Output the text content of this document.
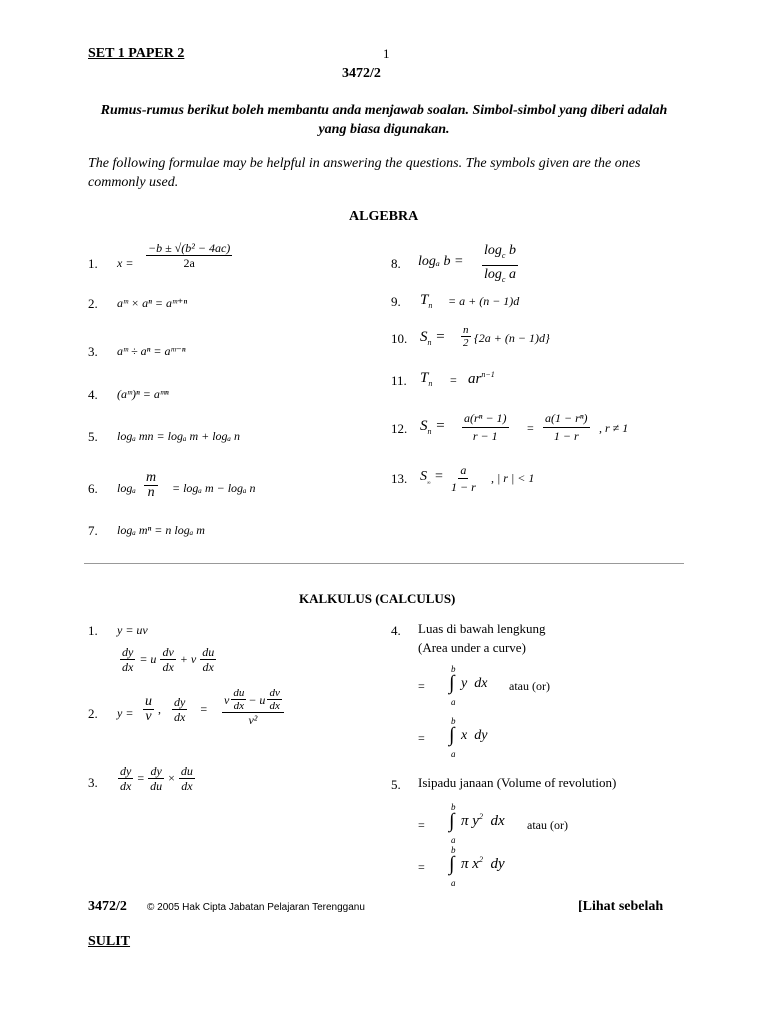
SET 1 PAPER 2	1
3472/2
Rumus-rumus berikut boleh membantu anda menjawab soalan. Simbol-simbol yang diberi adalah yang biasa digunakan.
The following formulae may be helpful in answering the questions. The symbols given are the ones commonly used.
ALGEBRA
1. $x = \frac{\text{−b ± √(b² − 4ac)}}{2a}$
2. aᵐ × aⁿ = aᵐ⁺ⁿ
3. aᵐ ÷ aⁿ = aᵐ⁻ⁿ
4. (aᵐ)ⁿ = aᵐⁿ
5. logₐ mn = logₐ m + logₐ n
6. logₐ $\frac{m}{n} = \log_a$ m − logₐ n
7. logₐ mⁿ = n logₐ m
8. logₐ $b = \frac{\log_c b}{\log_c a}$
9. $T_n = a + (n - 1)d$
10. $S_n = \frac{n}{2} \{2a + (n - 1)d\}$
11. $T_n = ar^{n-1}$
12. $S_n = \frac{\text{a(rⁿ − 1)}}{r - 1} = \frac{\text{a(1 − rⁿ)}}{1 - r}$ , r ≠ 1
13. $S_\infty = \frac{a}{1 - r}$ , | r | < 1
KALKULUS (CALCULUS)
1. y = uv
$\frac{dy}{dx} = u \frac{dv}{dx} + v \frac{du}{dx}$
2. $y = \frac{u}{v}$ , $\frac{dy}{dx} = \frac{v \frac{du}{dx} - u \frac{dv}{dx}}{\text{v²}}$
3. $\frac{dy}{dx} = \frac{dy}{du} \times \frac{du}{dx}$
4. Luas di bawah lengkung
(Area under a curve)
=
b
∫
a
y  dx atau (or)
=
b
∫
a
x  dy
5. Isipadu janaan (Volume of revolution)
=
b
∫
a
π $y^2$  dx atau (or)
=
b
∫
a
π $x^2$  dy
3472/2 © 2005 Hak Cipta Jabatan Pelajaran Terengganu	[Lihat sebelah
SULIT
